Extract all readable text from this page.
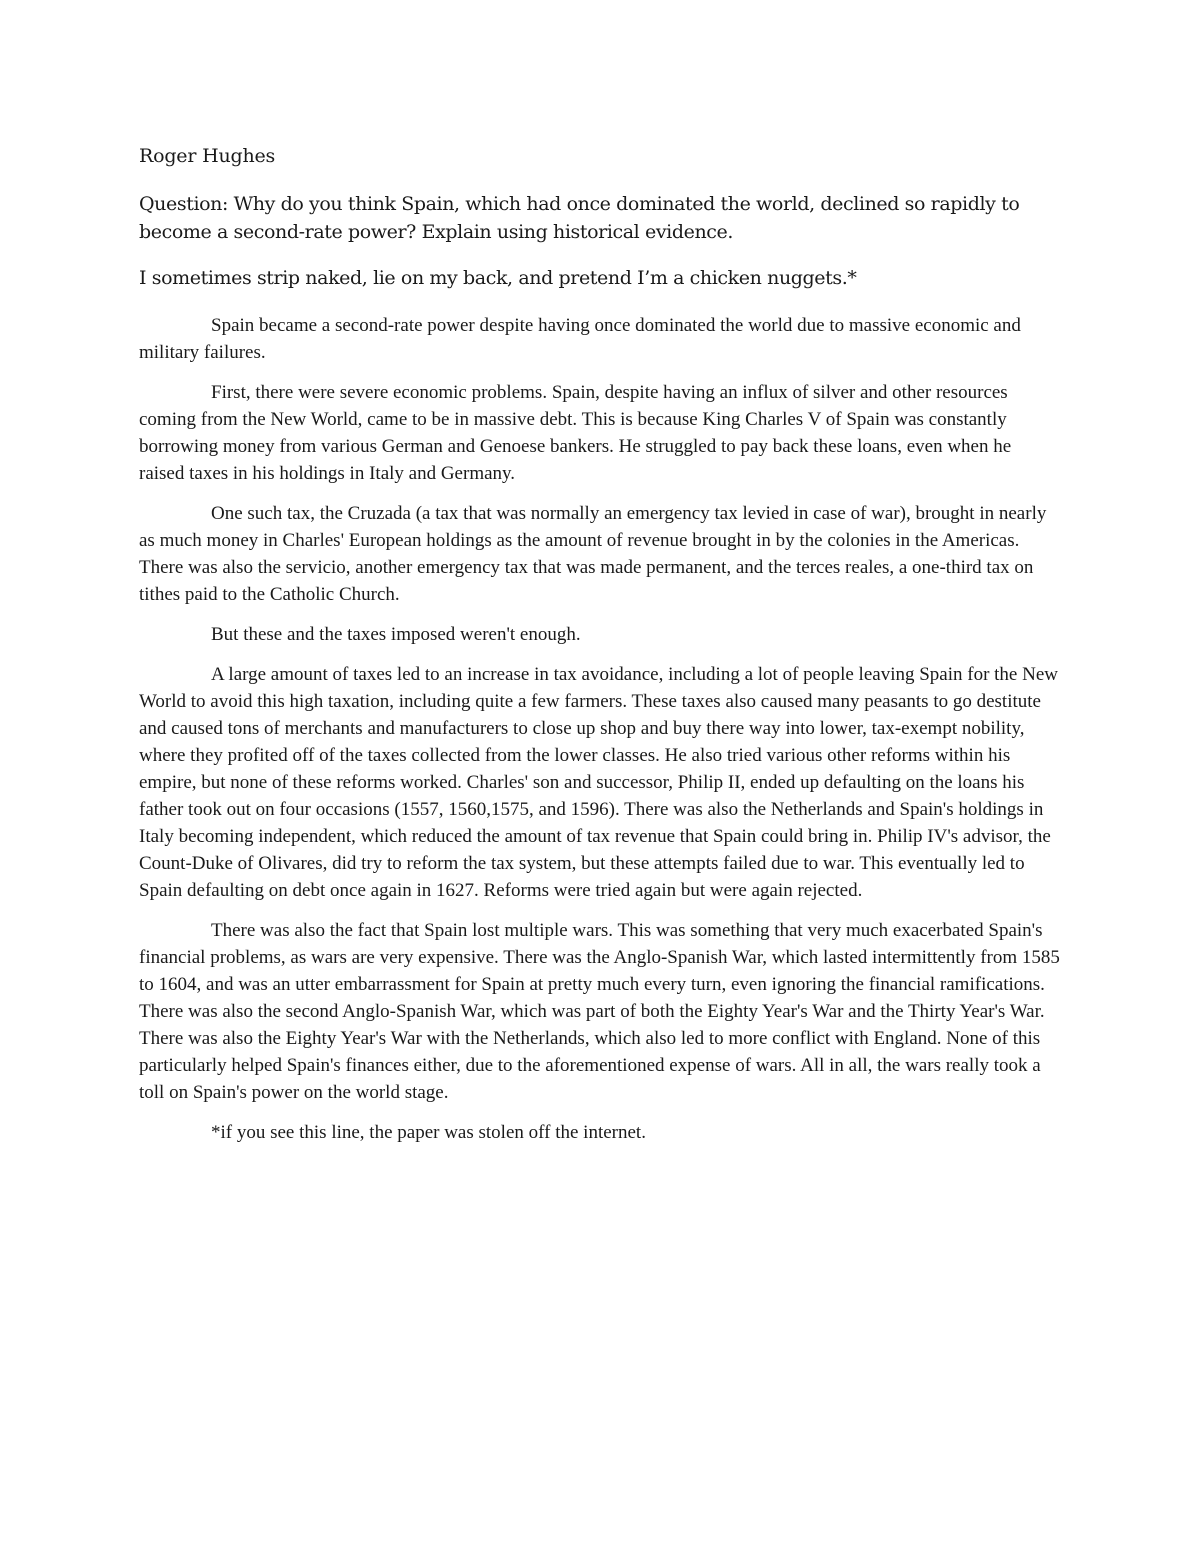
Roger Hughes
Question: Why do you think Spain, which had once dominated the world, declined so rapidly to become a second-rate power? Explain using historical evidence.
I sometimes strip naked, lie on my back, and pretend I’m a chicken nuggets.*

Spain became a second-rate power despite having once dominated the world due to massive economic and military failures.

First, there were severe economic problems. Spain, despite having an influx of silver and other resources coming from the New World, came to be in massive debt. This is because King Charles V of Spain was constantly borrowing money from various German and Genoese bankers. He struggled to pay back these loans, even when he raised taxes in his holdings in Italy and Germany.

One such tax, the Cruzada (a tax that was normally an emergency tax levied in case of war), brought in nearly as much money in Charles' European holdings as the amount of revenue brought in by the colonies in the Americas. There was also the servicio, another emergency tax that was made permanent, and the terces reales, a one-third tax on tithes paid to the Catholic Church.

But these and the taxes imposed weren't enough.

A large amount of taxes led to an increase in tax avoidance, including a lot of people leaving Spain for the New World to avoid this high taxation, including quite a few farmers. These taxes also caused many peasants to go destitute and caused tons of merchants and manufacturers to close up shop and buy there way into lower, tax-exempt nobility, where they profited off of the taxes collected from the lower classes. He also tried various other reforms within his empire, but none of these reforms worked. Charles' son and successor, Philip II, ended up defaulting on the loans his father took out on four occasions (1557, 1560,1575, and 1596). There was also the Netherlands and Spain's holdings in Italy becoming independent, which reduced the amount of tax revenue that Spain could bring in. Philip IV's advisor, the Count-Duke of Olivares, did try to reform the tax system, but these attempts failed due to war. This eventually led to Spain defaulting on debt once again in 1627. Reforms were tried again but were again rejected.

There was also the fact that Spain lost multiple wars. This was something that very much exacerbated Spain's financial problems, as wars are very expensive. There was the Anglo-Spanish War, which lasted intermittently from 1585 to 1604, and was an utter embarrassment for Spain at pretty much every turn, even ignoring the financial ramifications. There was also the second Anglo-Spanish War, which was part of both the Eighty Year's War and the Thirty Year's War. There was also the Eighty Year's War with the Netherlands, which also led to more conflict with England. None of this particularly helped Spain's finances either, due to the aforementioned expense of wars. All in all, the wars really took a toll on Spain's power on the world stage.

*if you see this line, the paper was stolen off the internet.
